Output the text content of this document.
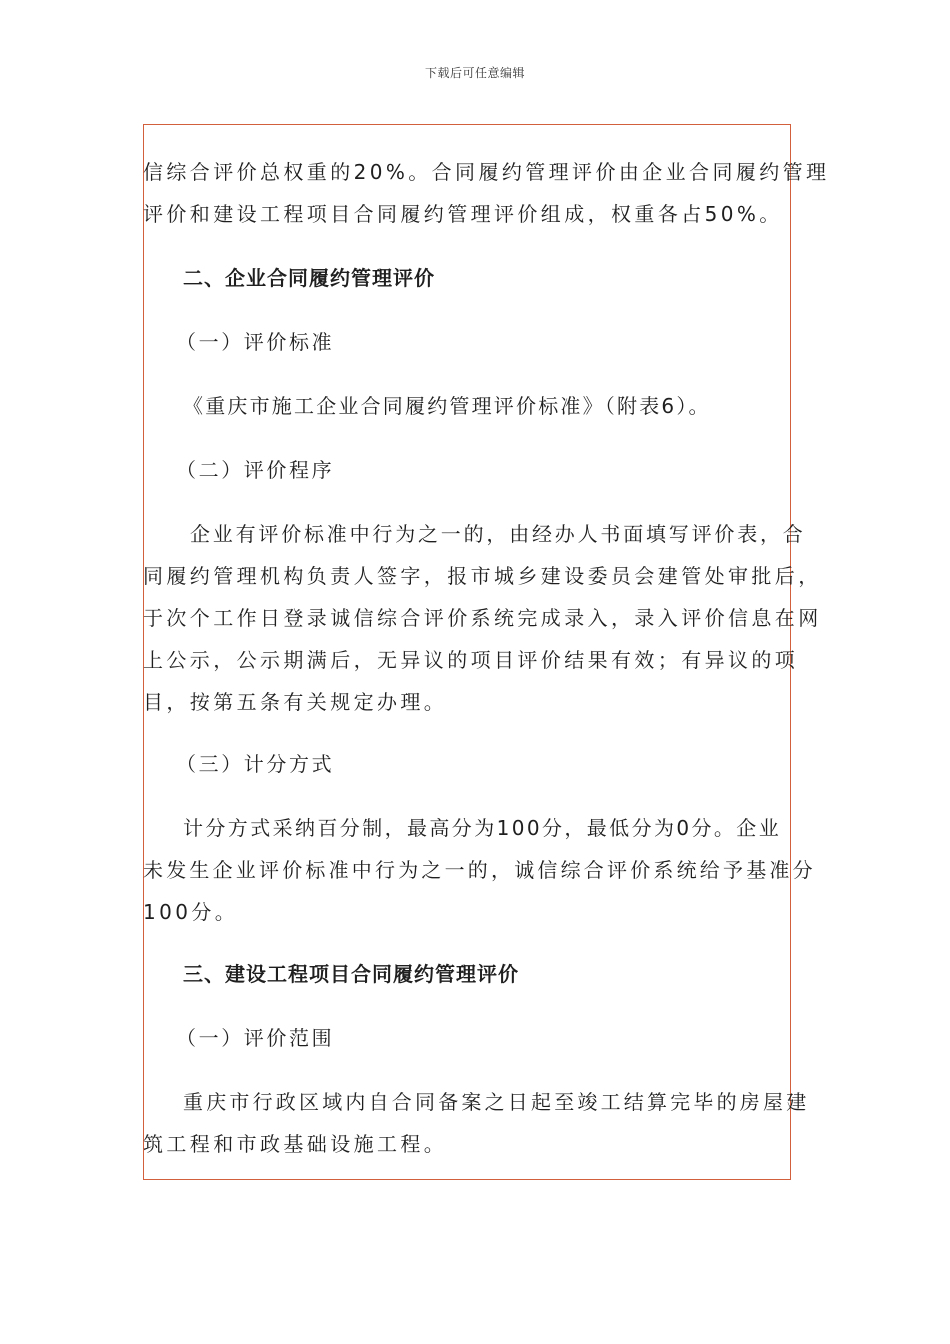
下载后可任意编辑
信综合评价总权重的20%。合同履约管理评价由企业合同履约管理
评价和建设工程项目合同履约管理评价组成，权重各占50%。
二、企业合同履约管理评价
（一）评价标准
《重庆市施工企业合同履约管理评价标准》（附表6）。
（二）评价程序
企业有评价标准中行为之一的，由经办人书面填写评价表，合
同履约管理机构负责人签字，报市城乡建设委员会建管处审批后，
于次个工作日登录诚信综合评价系统完成录入，录入评价信息在网
上公示，公示期满后，无异议的项目评价结果有效；有异议的项
目，按第五条有关规定办理。
（三）计分方式
计分方式采纳百分制，最高分为100分，最低分为0分。企业
未发生企业评价标准中行为之一的，诚信综合评价系统给予基准分
100分。
三、建设工程项目合同履约管理评价
（一）评价范围
重庆市行政区域内自合同备案之日起至竣工结算完毕的房屋建
筑工程和市政基础设施工程。
